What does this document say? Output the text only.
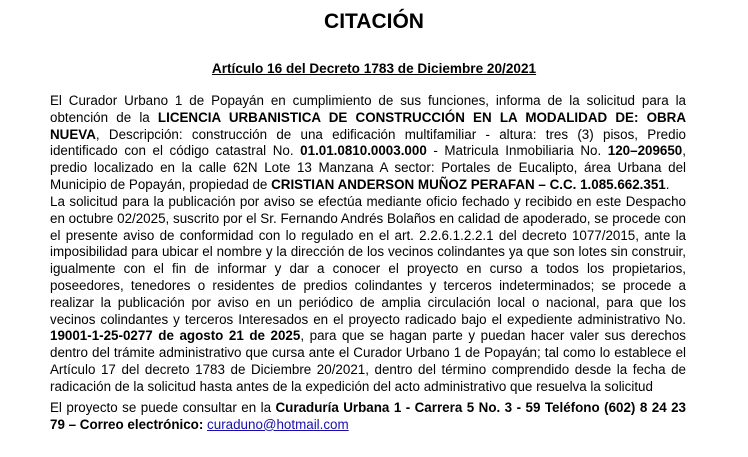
CITACIÓN
Artículo 16 del Decreto 1783 de Diciembre 20/2021

El Curador Urbano 1 de Popayán en cumplimiento de sus funciones, informa de la solicitud para la obtención de la LICENCIA URBANISTICA DE CONSTRUCCIÓN EN LA MODALIDAD DE: OBRA NUEVA, Descripción: construcción de una edificación multifamiliar - altura: tres (3) pisos, Predio identificado con el código catastral No. 01.01.0810.0003.000 - Matricula Inmobiliaria No. 120–209650, predio localizado en la calle 62N Lote 13 Manzana A sector: Portales de Eucalipto, área Urbana del Municipio de Popayán, propiedad de CRISTIAN ANDERSON MUÑOZ PERAFAN – C.C. 1.085.662.351.

La solicitud para la publicación por aviso se efectúa mediante oficio fechado y recibido en este Despacho en octubre 02/2025, suscrito por el Sr. Fernando Andrés Bolaños en calidad de apoderado, se procede con el presente aviso de conformidad con lo regulado en el art. 2.2.6.1.2.2.1 del decreto 1077/2015, ante la imposibilidad para ubicar el nombre y la dirección de los vecinos colindantes ya que son lotes sin construir, igualmente con el fin de informar y dar a conocer el proyecto en curso a todos los propietarios, poseedores, tenedores o residentes de predios colindantes y terceros indeterminados; se procede a realizar la publicación por aviso en un periódico de amplia circulación local o nacional, para que los vecinos colindantes y terceros Interesados en el proyecto radicado bajo el expediente administrativo No. 19001-1-25-0277 de agosto 21 de 2025, para que se hagan parte y puedan hacer valer sus derechos dentro del trámite administrativo que cursa ante el Curador Urbano 1 de Popayán; tal como lo establece el Artículo 17 del decreto 1783 de Diciembre 20/2021, dentro del término comprendido desde la fecha de radicación de la solicitud hasta antes de la expedición del acto administrativo que resuelva la solicitud

El proyecto se puede consultar en la Curaduría Urbana 1 - Carrera 5 No. 3 - 59 Teléfono (602) 8 24 23 79 – Correo electrónico: curaduno@hotmail.com
